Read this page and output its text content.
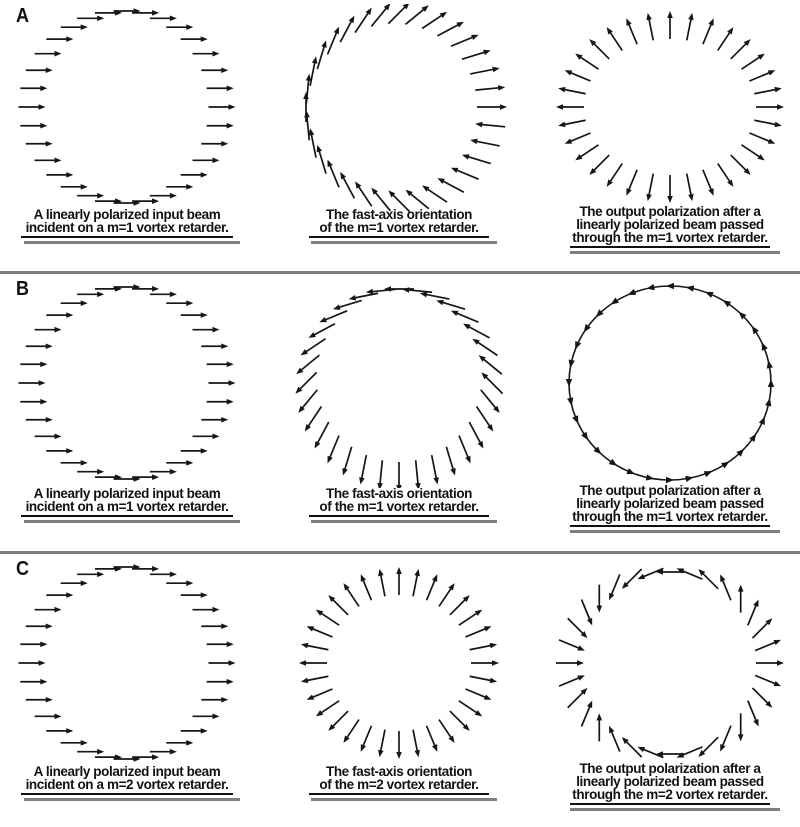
A
A linearly polarized input beam
incident on a m=1 vortex retarder.
The fast-axis orientation
of the m=1 vortex retarder.
The output polarization after a
linearly polarized beam passed
through the m=1 vortex retarder.
B
A linearly polarized input beam
incident on a m=1 vortex retarder.
The fast-axis orientation
of the m=1 vortex retarder.
The output polarization after a
linearly polarized beam passed
through the m=1 vortex retarder.
C
A linearly polarized input beam
incident on a m=2 vortex retarder.
The fast-axis orientation
of the m=2 vortex retarder.
The output polarization after a
linearly polarized beam passed
through the m=2 vortex retarder.
